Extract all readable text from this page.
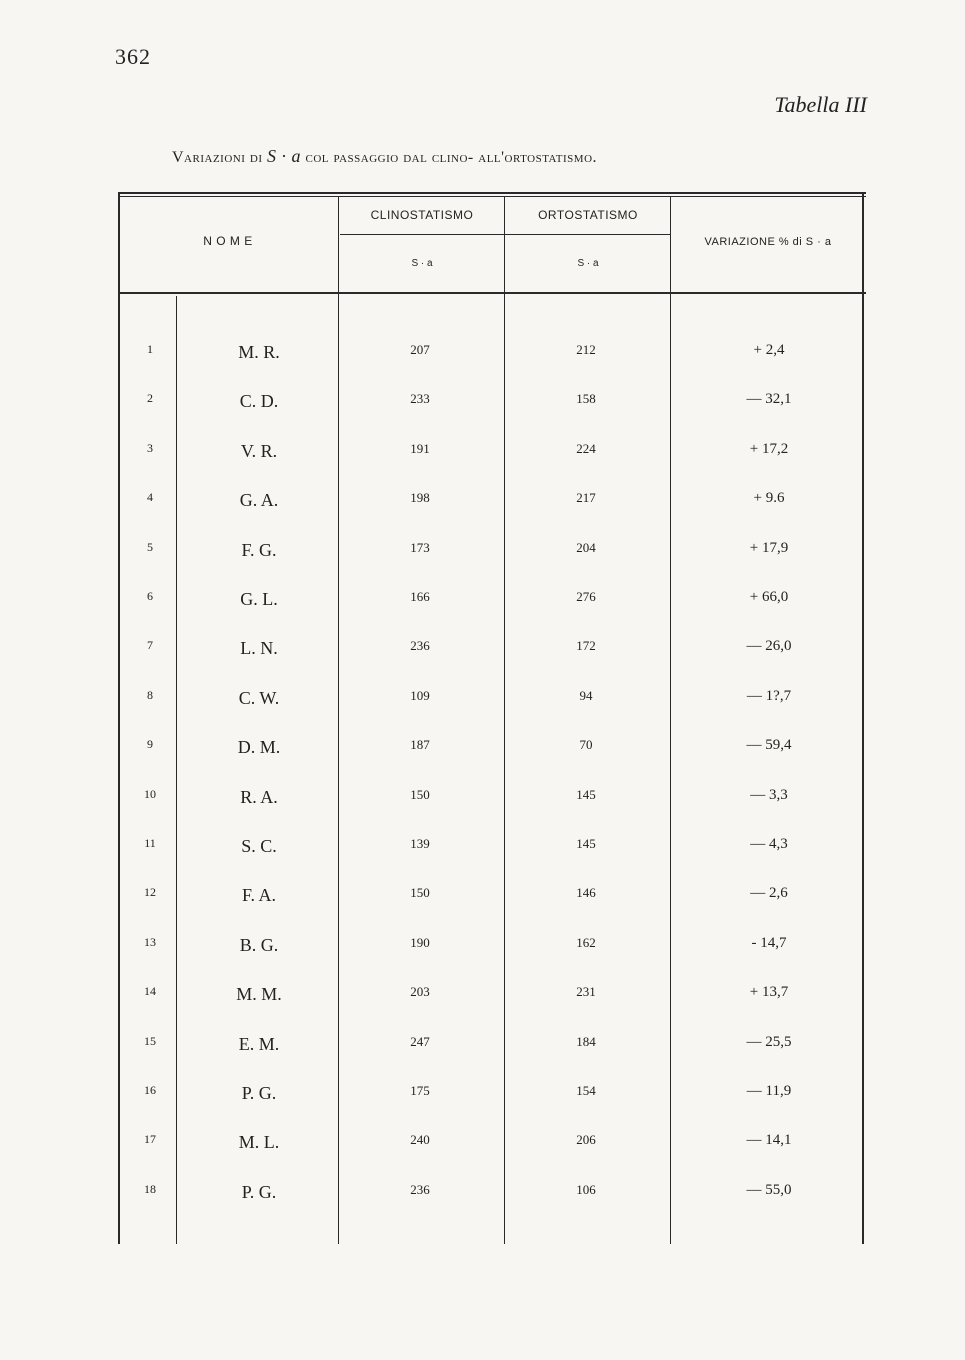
362
Tabella III
Variazioni di S · a col passaggio dal clino- all'ortostatismo.
N O M E
CLINOSTATISMO	ORTOSTATISMO
VARIAZIONE % di S · a
S · a	S · a
1	M. R.	207	212	+ 2,4
2	C. D.	233	158	— 32,1
3	V. R.	191	224	+ 17,2
4	G. A.	198	217	+ 9.6
5	F. G.	173	204	+ 17,9
6	G. L.	166	276	+ 66,0
7	L. N.	236	172	— 26,0
8	C. W.	109	94	— 1?,7
9	D. M.	187	70	— 59,4
10	R. A.	150	145	— 3,3
11	S. C.	139	145	— 4,3
12	F. A.	150	146	— 2,6
13	B. G.	190	162	- 14,7
14	M. M.	203	231	+ 13,7
15	E. M.	247	184	— 25,5
16	P. G.	175	154	— 11,9
17	M. L.	240	206	— 14,1
18	P. G.	236	106	— 55,0
